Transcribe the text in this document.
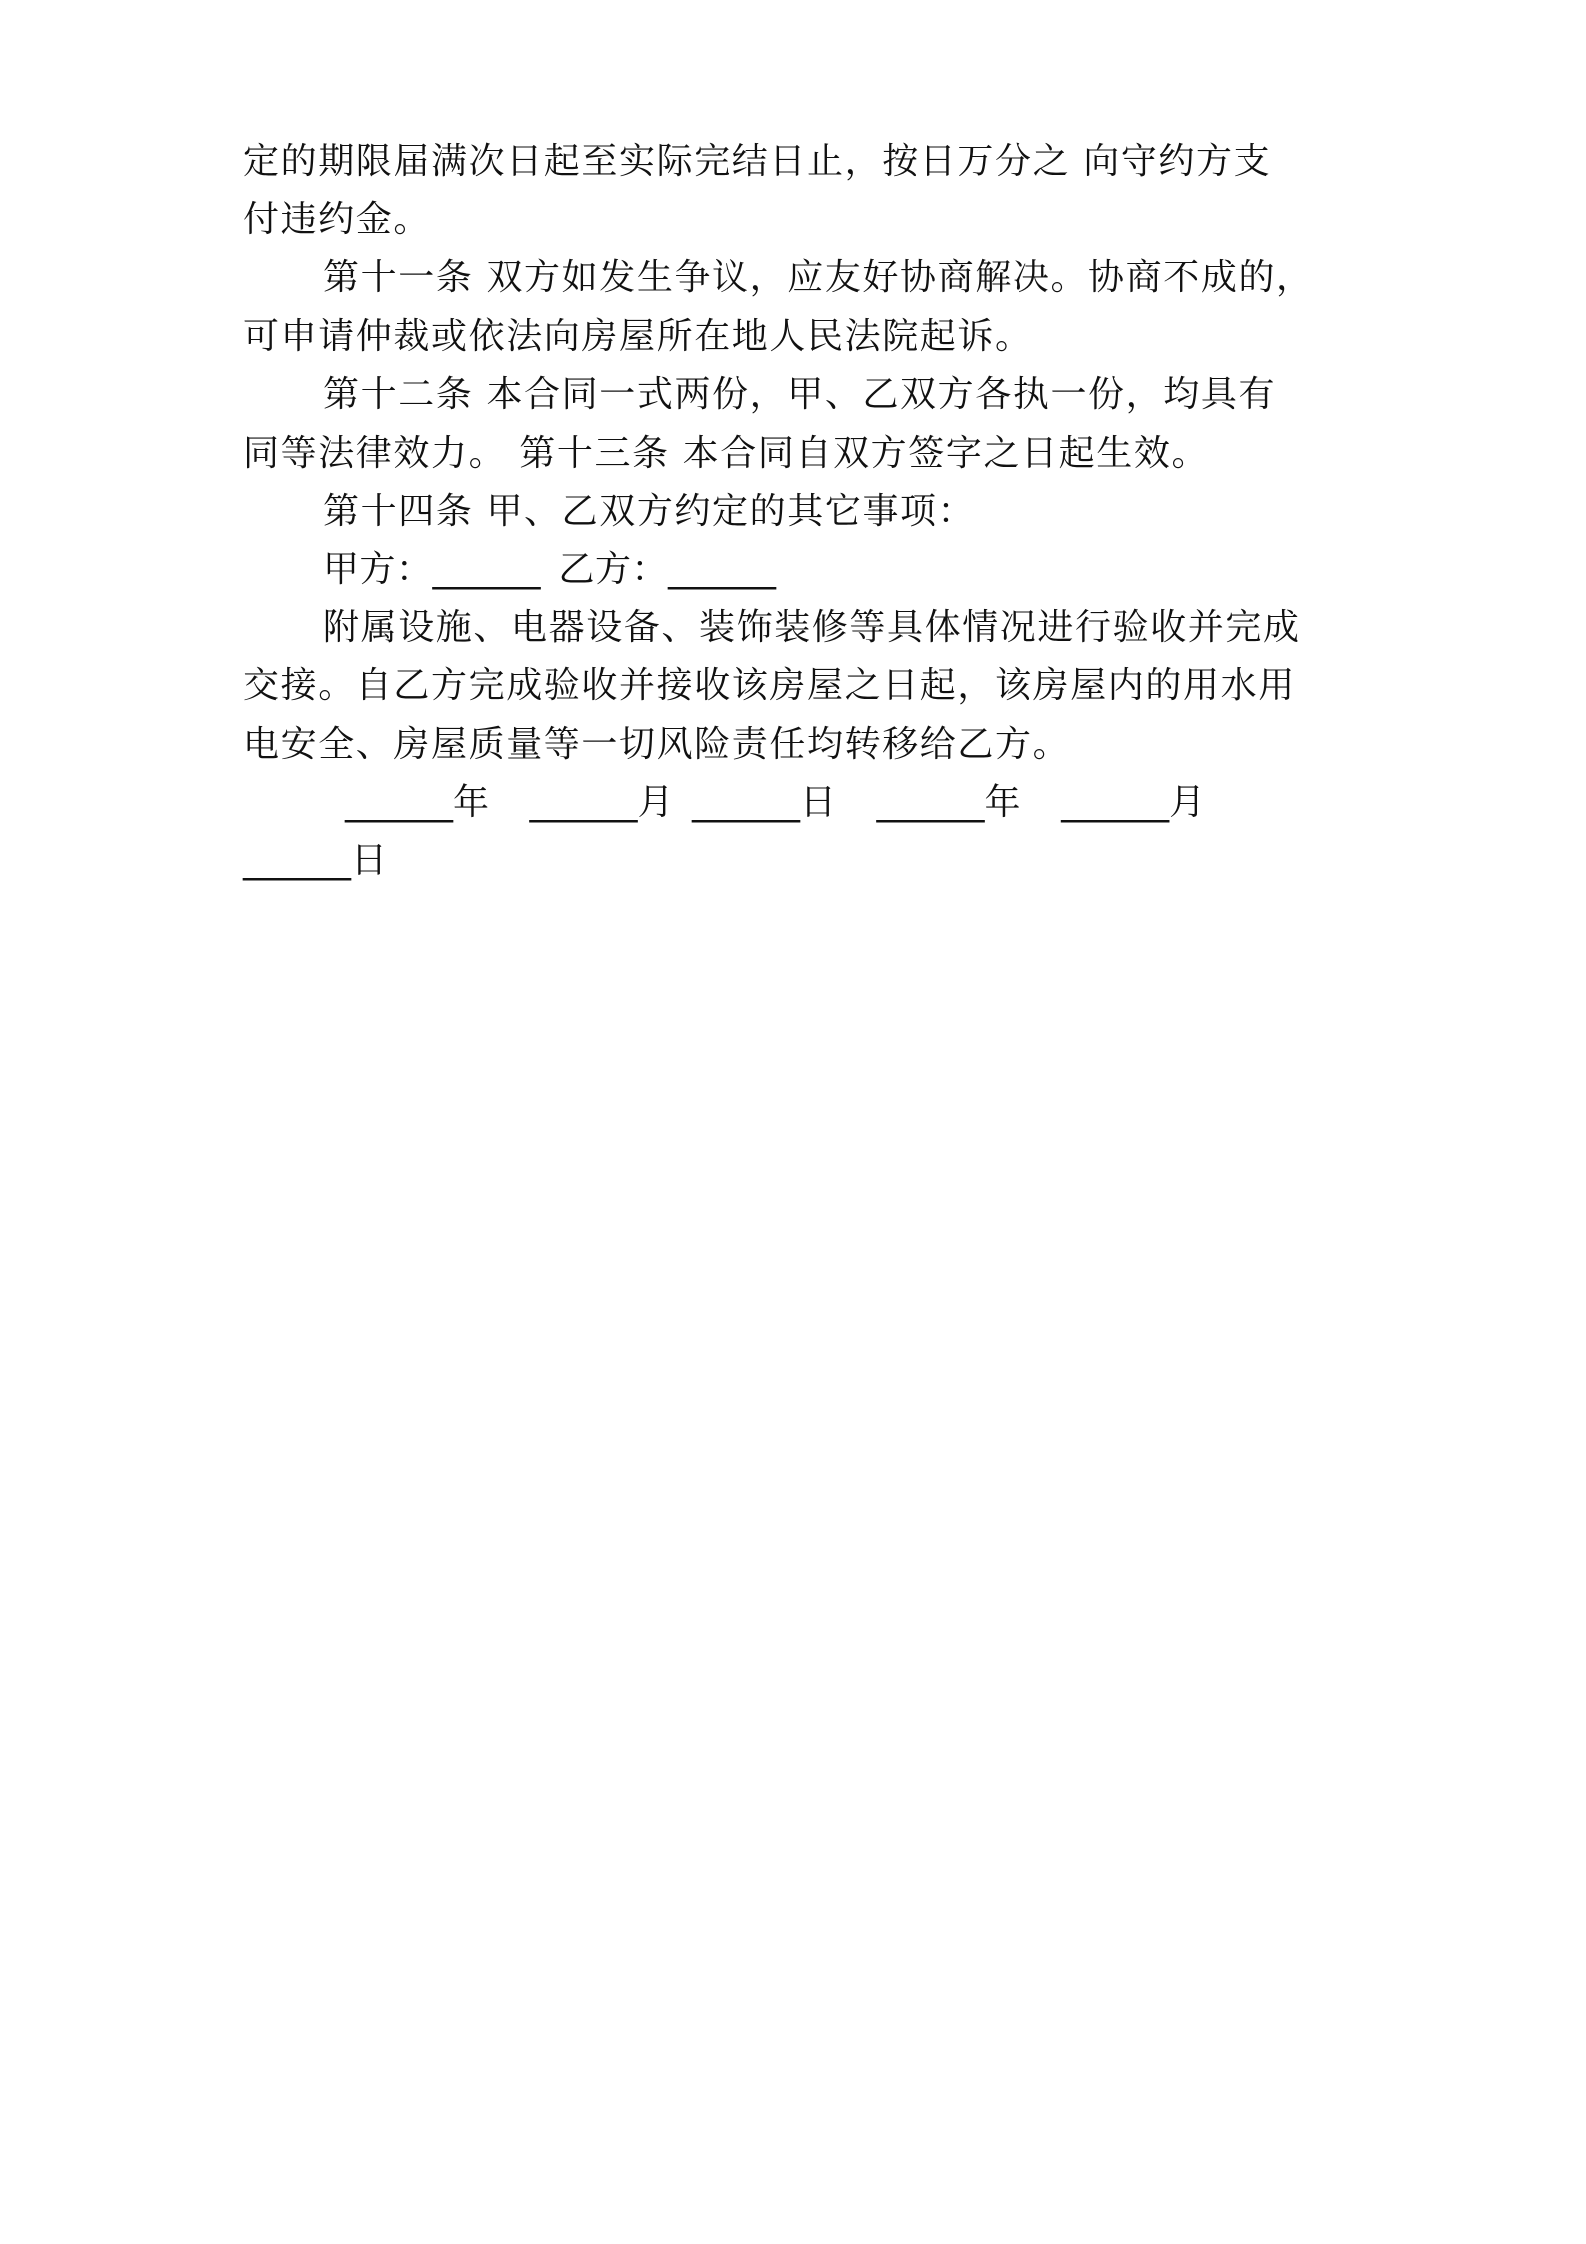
定的期限届满次日起至实际完结日止，按日万分之 向守约方支
付违约金。
第十一条 双方如发生争议，应友好协商解决。协商不成的，
可申请仲裁或依法向房屋所在地人民法院起诉。
第十二条 本合同一式两份，甲、乙双方各执一份，均具有
同等法律效力。 第十三条 本合同自双方签字之日起生效。
第十四条 甲、乙双方约定的其它事项：
甲方：______ 乙方：______
附属设施、电器设备、装饰装修等具体情况进行验收并完成
交接。自乙方完成验收并接收该房屋之日起，该房屋内的用水用
电安全、房屋质量等一切风险责任均转移给乙方。
______年 ______月 ______日 ______年 ______月
______日
